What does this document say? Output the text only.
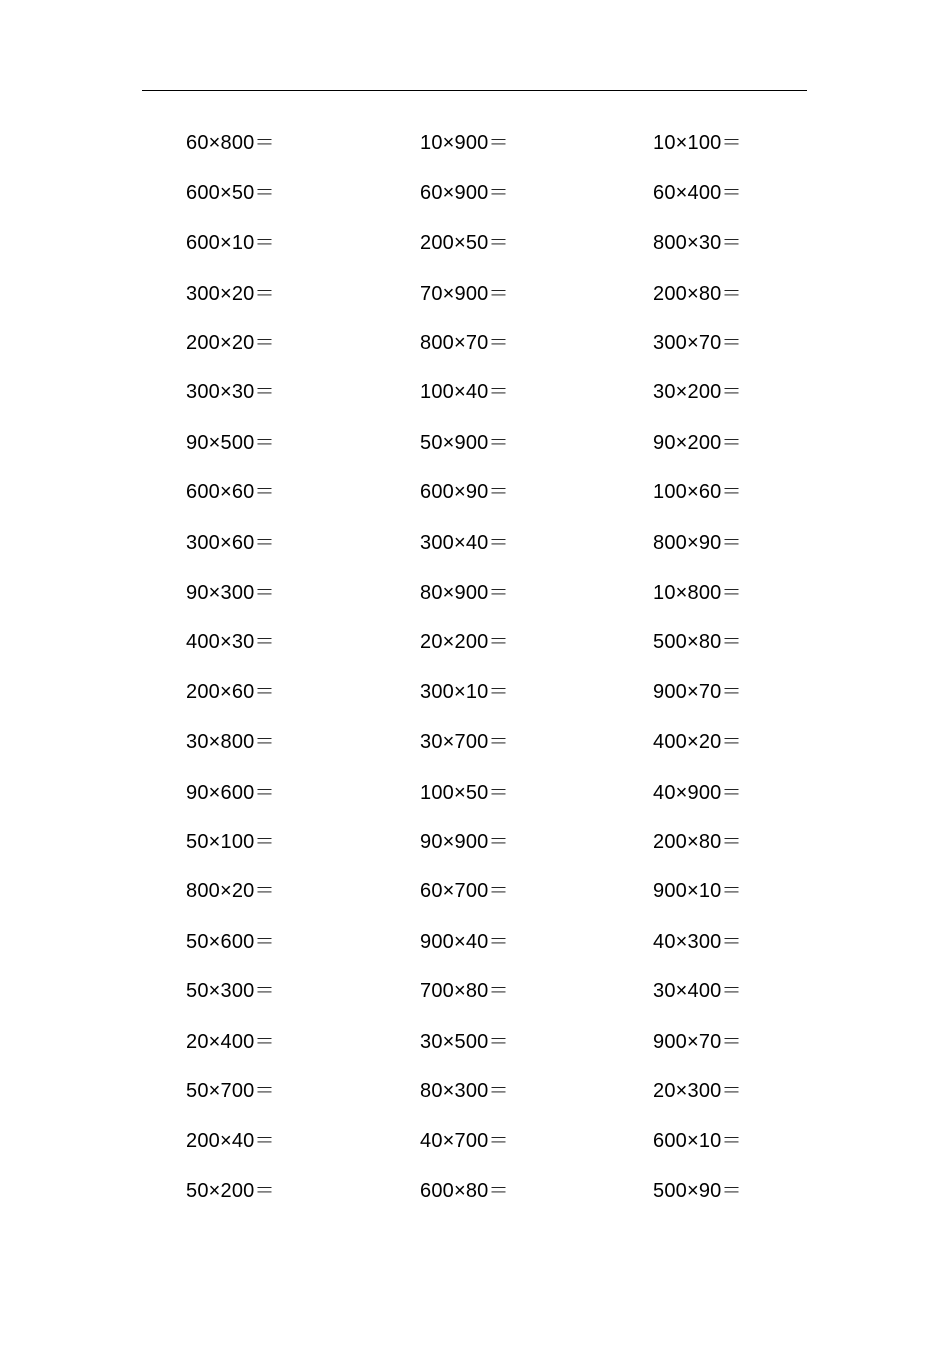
60×800＝	10×900＝	10×100＝
600×50＝	60×900＝	60×400＝
600×10＝	200×50＝	800×30＝
300×20＝	70×900＝	200×80＝
200×20＝	800×70＝	300×70＝
300×30＝	100×40＝	30×200＝
90×500＝	50×900＝	90×200＝
600×60＝	600×90＝	100×60＝
300×60＝	300×40＝	800×90＝
90×300＝	80×900＝	10×800＝
400×30＝	20×200＝	500×80＝
200×60＝	300×10＝	900×70＝
30×800＝	30×700＝	400×20＝
90×600＝	100×50＝	40×900＝
50×100＝	90×900＝	200×80＝
800×20＝	60×700＝	900×10＝
50×600＝	900×40＝	40×300＝
50×300＝	700×80＝	30×400＝
20×400＝	30×500＝	900×70＝
50×700＝	80×300＝	20×300＝
200×40＝	40×700＝	600×10＝
50×200＝	600×80＝	500×90＝
